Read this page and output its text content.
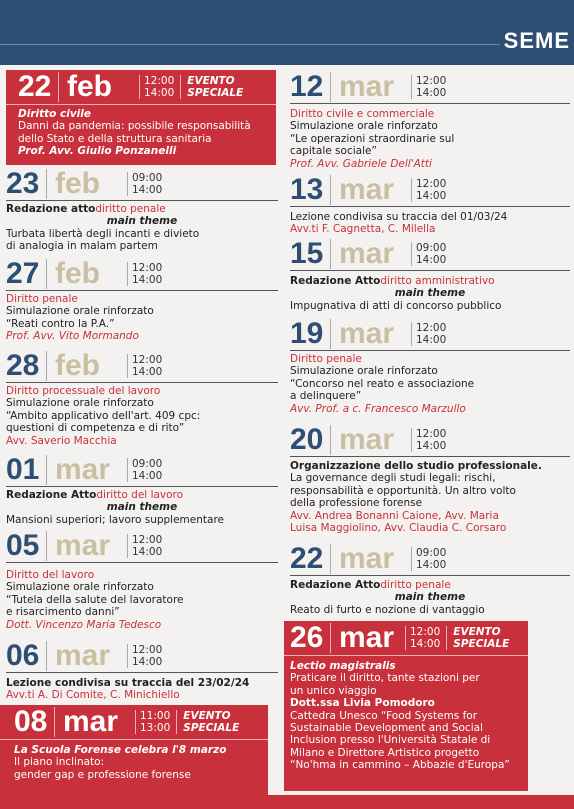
SEME
22 feb	12:00
14:00
EVENTO
SPECIALE
Diritto civile
Danni da pandemia: possibile responsabilità
dello Stato e della struttura sanitaria
Prof. Avv. Giulio Ponzanelli
23 feb	09:00
14:00
Redazione attodiritto penale
main theme
Turbata libertà degli incanti e divieto
di analogia in malam partem
27 feb	12:00
14:00
Diritto penale
Simulazione orale rinforzato
“Reati contro la P.A.”
Prof. Avv. Vito Mormando
28 feb	12:00
14:00
Diritto processuale del lavoro
Simulazione orale rinforzato
“Ambito applicativo dell'art. 409 cpc:
questioni di competenza e di rito”
Avv. Saverio Macchia
01 mar	09:00
14:00
Redazione Attodiritto del lavoro
main theme
Mansioni superiori; lavoro supplementare
05 mar	12:00
14:00
Diritto del lavoro
Simulazione orale rinforzato
“Tutela della salute del lavoratore
e risarcimento danni”
Dott. Vincenzo Maria Tedesco
06 mar	12:00
14:00
Lezione condivisa su traccia del 23/02/24
Avv.ti A. Di Comite, C. Minichiello
08 mar	11:00
13:00
EVENTO
SPECIALE
La Scuola Forense celebra l'8 marzo
Il piano inclinato:
gender gap e professione forense
12 mar	12:00
14:00
Diritto civile e commerciale
Simulazione orale rinforzato
“Le operazioni straordinarie sul
capitale sociale”
Prof. Avv. Gabriele Dell'Atti
13 mar	12:00
14:00
Lezione condivisa su traccia del 01/03/24
Avv.ti F. Cagnetta, C. Milella
15 mar	09:00
14:00
Redazione Attodiritto amministrativo
main theme
Impugnativa di atti di concorso pubblico
19 mar	12:00
14:00
Diritto penale
Simulazione orale rinforzato
“Concorso nel reato e associazione
a delinquere”
Avv. Prof. a c. Francesco Marzullo
20 mar	12:00
14:00
Organizzazione dello studio professionale.
La governance degli studi legali: rischi,
responsabilità e opportunità. Un altro volto
della professione forense
Avv. Andrea Bonanni Caione, Avv. Maria
Luisa Maggiolino, Avv. Claudia C. Corsaro
22 mar	09:00
14:00
Redazione Attodiritto penale
main theme
Reato di furto e nozione di vantaggio
26 mar	12:00
14:00
EVENTO
SPECIALE
Lectio magistralis
Praticare il diritto, tante stazioni per
un unico viaggio
Dott.ssa Livia Pomodoro
Cattedra Unesco “Food Systems for
Sustainable Development and Social
Inclusion presso l'Università Statale di
Milano e Direttore Artistico progetto
“No'hma in cammino – Abbazie d'Europa”
